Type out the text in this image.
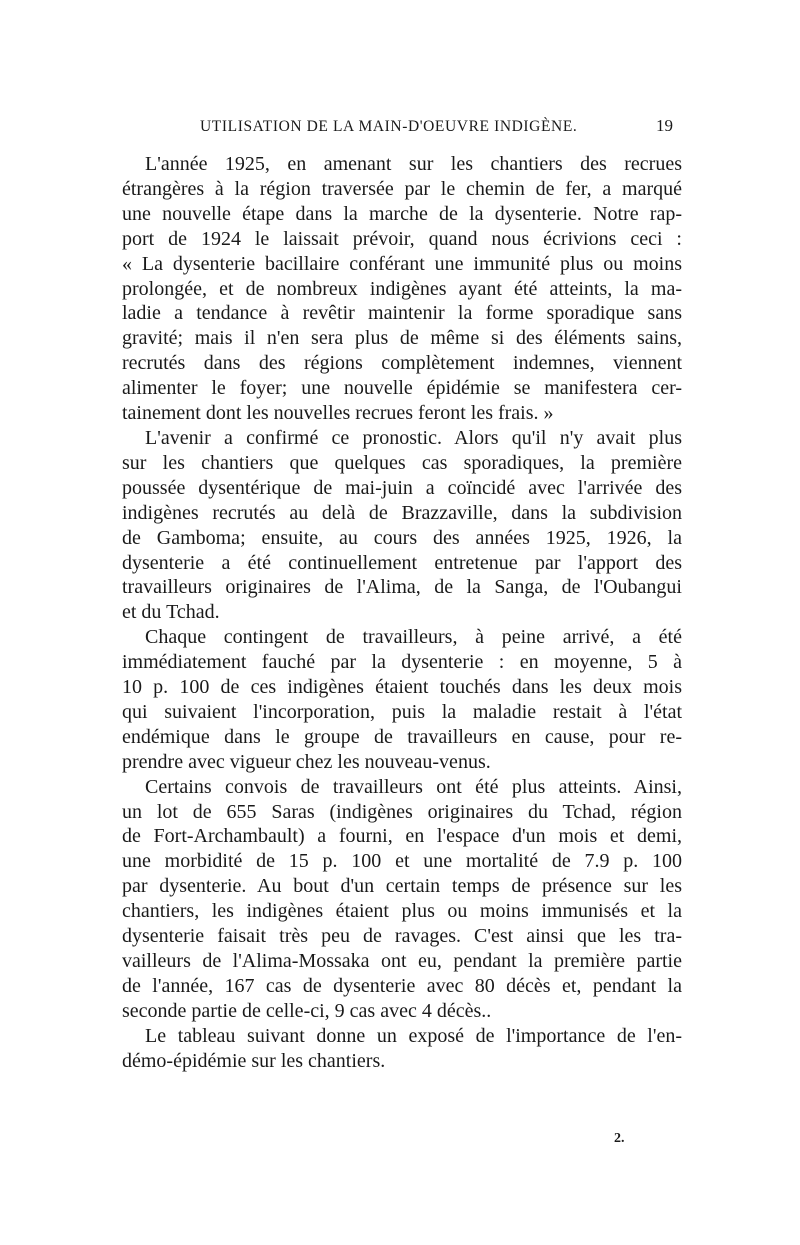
UTILISATION DE LA MAIN-D'OEUVRE INDIGÈNE.	19
L'année 1925, en amenant sur les chantiers des recrues
étrangères à la région traversée par le chemin de fer, a marqué
une nouvelle étape dans la marche de la dysenterie. Notre rap-
port de 1924 le laissait prévoir, quand nous écrivions ceci :
« La dysenterie bacillaire conférant une immunité plus ou moins
prolongée, et de nombreux indigènes ayant été atteints, la ma-
ladie a tendance à revêtir maintenir la forme sporadique sans
gravité; mais il n'en sera plus de même si des éléments sains,
recrutés dans des régions complètement indemnes, viennent
alimenter le foyer; une nouvelle épidémie se manifestera cer-
tainement dont les nouvelles recrues feront les frais. »
L'avenir a confirmé ce pronostic. Alors qu'il n'y avait plus
sur les chantiers que quelques cas sporadiques, la première
poussée dysentérique de mai-juin a coïncidé avec l'arrivée des
indigènes recrutés au delà de Brazzaville, dans la subdivision
de Gamboma; ensuite, au cours des années 1925, 1926, la
dysenterie a été continuellement entretenue par l'apport des
travailleurs originaires de l'Alima, de la Sanga, de l'Oubangui
et du Tchad.
Chaque contingent de travailleurs, à peine arrivé, a été
immédiatement fauché par la dysenterie : en moyenne, 5 à
10 p. 100 de ces indigènes étaient touchés dans les deux mois
qui suivaient l'incorporation, puis la maladie restait à l'état
endémique dans le groupe de travailleurs en cause, pour re-
prendre avec vigueur chez les nouveau-venus.
Certains convois de travailleurs ont été plus atteints. Ainsi,
un lot de 655 Saras (indigènes originaires du Tchad, région
de Fort-Archambault) a fourni, en l'espace d'un mois et demi,
une morbidité de 15 p. 100 et une mortalité de 7.9 p. 100
par dysenterie. Au bout d'un certain temps de présence sur les
chantiers, les indigènes étaient plus ou moins immunisés et la
dysenterie faisait très peu de ravages. C'est ainsi que les tra-
vailleurs de l'Alima-Mossaka ont eu, pendant la première partie
de l'année, 167 cas de dysenterie avec 80 décès et, pendant la
seconde partie de celle-ci, 9 cas avec 4 décès..
Le tableau suivant donne un exposé de l'importance de l'en-
démo-épidémie sur les chantiers.
2.
